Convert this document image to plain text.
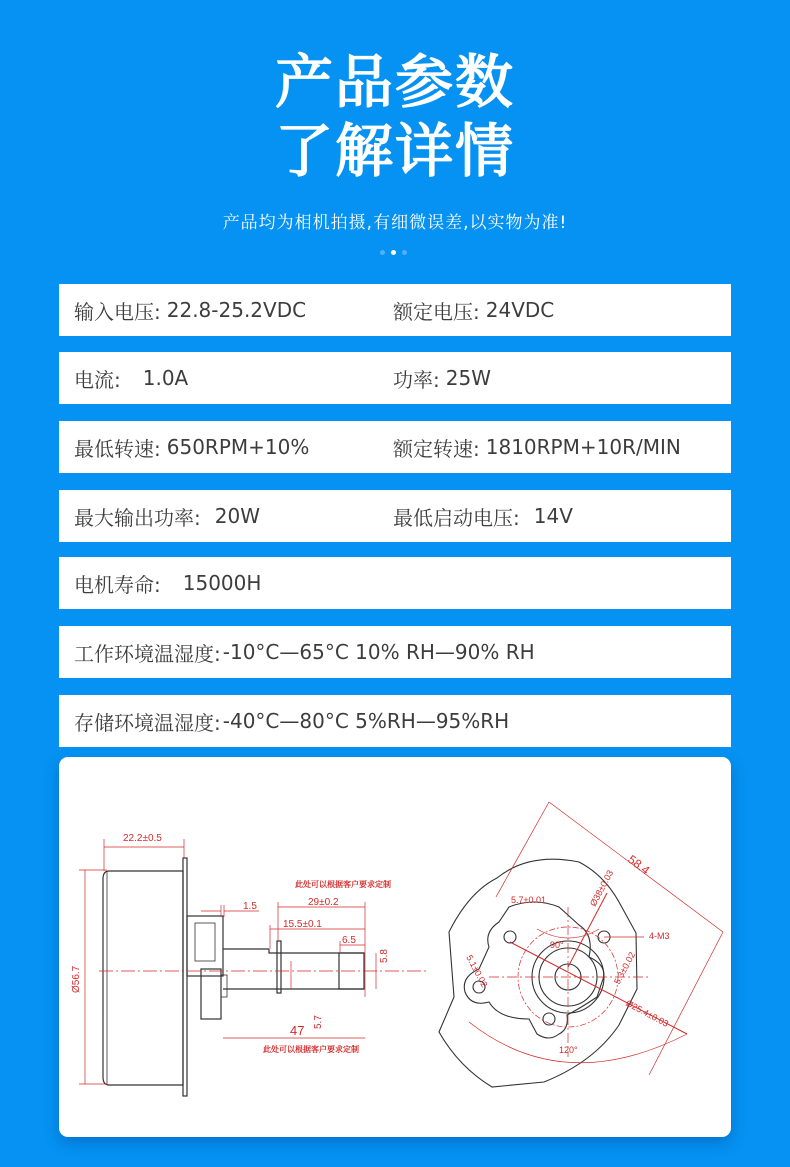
产品参数
了解详情
产品均为相机拍摄,有细微误差,以实物为准!
输入电压: 22.8-25.2VDC	额定电压: 24VDC
电流: 1.0A	功率: 25W
最低转速: 650RPM+10%	额定转速: 1810RPM+10R/MIN
最大输出功率: 20W	最低启动电压: 14V
电机寿命: 15000H
工作环境温湿度: -10°C—65°C 10% RH—90% RH
存储环境温湿度: -40°C—80°C 5%RH—95%RH
22.2±0.5
Ø56.7
1.5	29±0.2
15.5±0.1
6.5
5.8
5.7
47
此处可以根据客户要求定制
此处可以根据客户要求定制
58.4
5.7±0.01	Ø38±0.03
4-M3
90°
120°
5.1±0.02	5.3±0.02
Ø25.4±0.03
